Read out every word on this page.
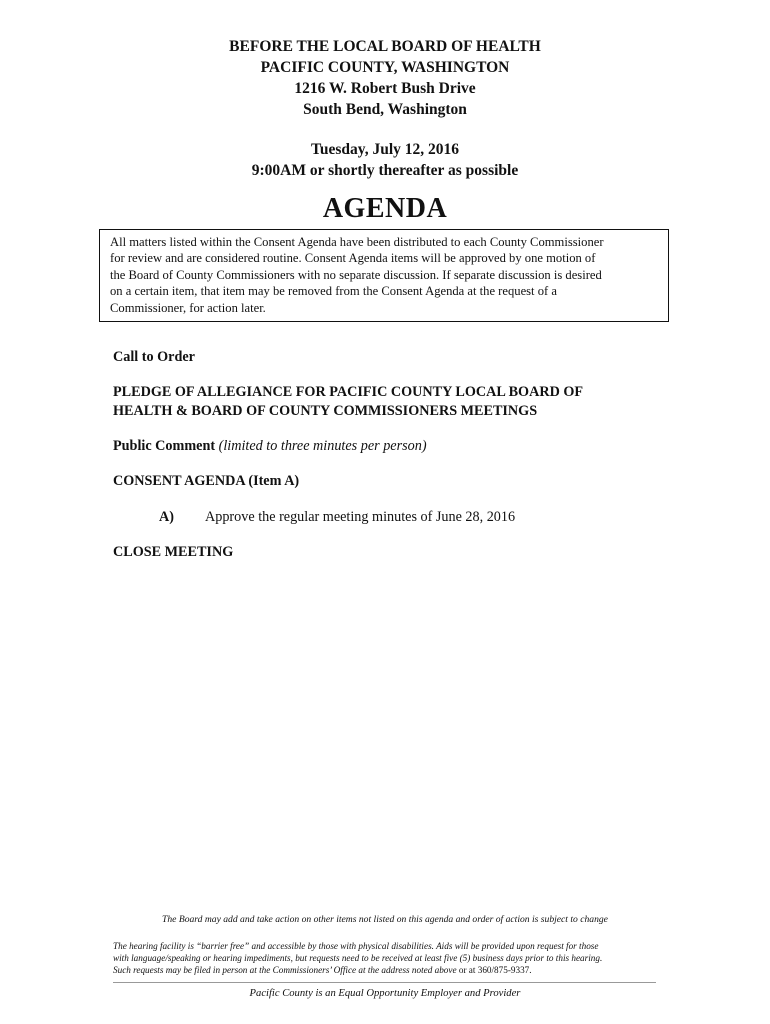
BEFORE THE LOCAL BOARD OF HEALTH
PACIFIC COUNTY, WASHINGTON
1216 W. Robert Bush Drive
South Bend, Washington
Tuesday, July 12, 2016
9:00AM or shortly thereafter as possible
AGENDA
All matters listed within the Consent Agenda have been distributed to each County Commissioner
for review and are considered routine. Consent Agenda items will be approved by one motion of
the Board of County Commissioners with no separate discussion. If separate discussion is desired
on a certain item, that item may be removed from the Consent Agenda at the request of a
Commissioner, for action later.
Call to Order
PLEDGE OF ALLEGIANCE FOR PACIFIC COUNTY LOCAL BOARD OF
HEALTH & BOARD OF COUNTY COMMISSIONERS MEETINGS
Public Comment (limited to three minutes per person)
CONSENT AGENDA (Item A)
A)	Approve the regular meeting minutes of June 28, 2016
CLOSE MEETING
The Board may add and take action on other items not listed on this agenda and order of action is subject to change
The hearing facility is “barrier free” and accessible by those with physical disabilities. Aids will be provided upon request for those
with language/speaking or hearing impediments, but requests need to be received at least five (5) business days prior to this hearing.
Such requests may be filed in person at the Commissioners’ Office at the address noted above or at 360/875-9337.
Pacific County is an Equal Opportunity Employer and Provider
